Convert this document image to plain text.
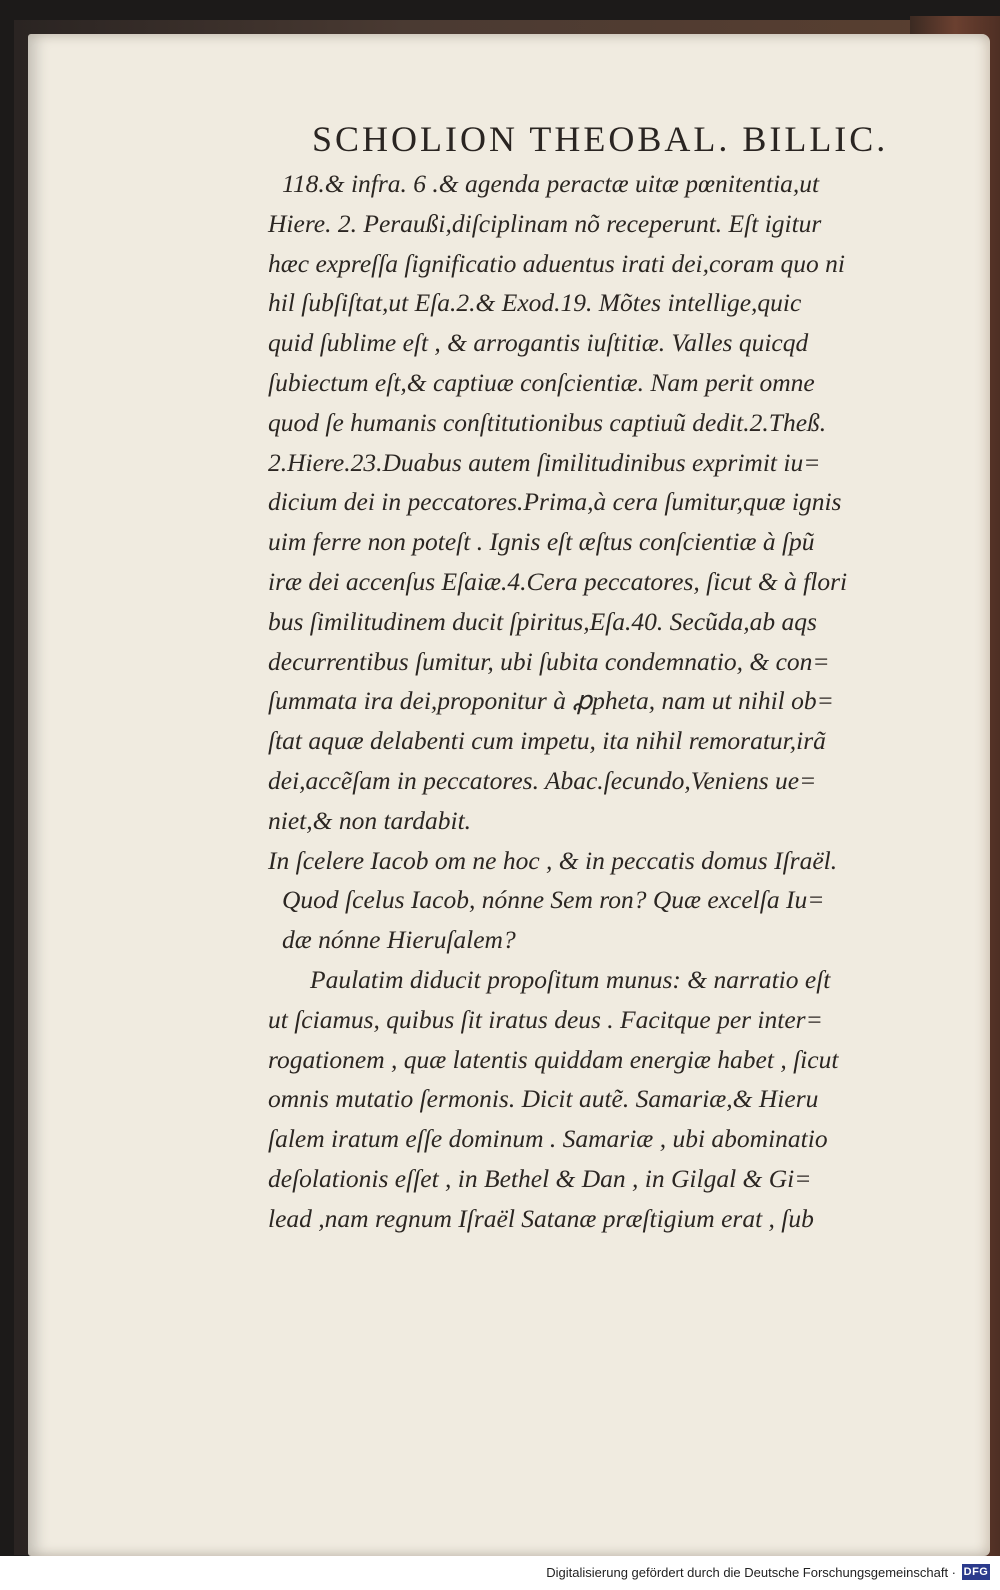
SCHOLION THEOBAL. BILLIC.
118.& infra. 6 .& agenda peractæ uitæ pœnitentia,ut
Hiere. 2. Peraußi,diſciplinam nõ receperunt. Eſt igitur
hæc expreſſa ſignificatio aduentus irati dei,coram quo ni
hil ſubſiſtat,ut Eſa.2.& Exod.19. Mõtes intellige,quic
quid ſublime eſt , & arrogantis iuſtitiæ. Valles quicqd
ſubiectum eſt,& captiuæ conſcientiæ. Nam perit omne
quod ſe humanis conſtitutionibus captiuũ dedit.2.Theß.
2.Hiere.23.Duabus autem ſimilitudinibus exprimit iu=
dicium dei in peccatores.Prima,à cera ſumitur,quæ ignis
uim ferre non poteſt . Ignis eſt æſtus conſcientiæ à ſpũ
iræ dei accenſus Eſaiæ.4.Cera peccatores, ſicut & à flori
bus ſimilitudinem ducit ſpiritus,Eſa.40. Secũda,ab aqs
decurrentibus ſumitur, ubi ſubita condemnatio, & con=
ſummata ira dei,proponitur à ꝓpheta, nam ut nihil ob=
ſtat aquæ delabenti cum impetu, ita nihil remoratur,irã
dei,accẽſam in peccatores. Abac.ſecundo,Veniens ue=
niet,& non tardabit.
In ſcelere Iacob om ne hoc , & in peccatis domus Iſraël.
Quod ſcelus Iacob, nónne Sem ron? Quæ excelſa Iu=
dæ nónne Hieruſalem?
Paulatim diducit propoſitum munus: & narratio eſt
ut ſciamus, quibus ſit iratus deus . Facitque per inter=
rogationem , quæ latentis quiddam energiæ habet , ſicut
omnis mutatio ſermonis. Dicit autẽ. Samariæ,& Hieru
ſalem iratum eſſe dominum . Samariæ , ubi abominatio
deſolationis eſſet , in Bethel & Dan , in Gilgal & Gi=
lead ,nam regnum Iſraël Satanæ præſtigium erat , ſub
Digitalisierung gefördert durch die Deutsche Forschungsgemeinschaft · DFG
